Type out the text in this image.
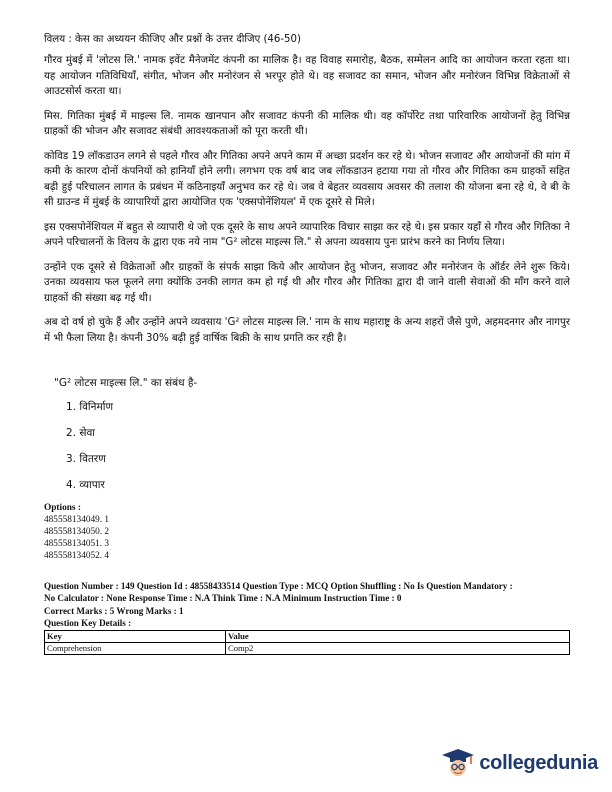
विलय : केस का अध्ययन कीजिए और प्रश्नों के उत्तर दीजिए (46-50)

गौरव मुंबई में 'लोटस लि.' नामक इवेंट मैनेजमेंट कंपनी का मालिक है। वह विवाह समारोह, बैठक, सम्मेलन आदि का आयोजन करता रहता था। यह आयोजन गतिविधियाँ, संगीत, भोजन और मनोरंजन से भरपूर होते थे। वह सजावट का समान, भोजन और मनोरंजन विभिन्न विक्रेताओं से आउटसोर्स करता था।

मिस. गितिका मुंबई में माइल्स लि. नामक खानपान और सजावट कंपनी की मालिक थी। वह कॉर्पोरेट तथा पारिवारिक आयोजनों हेतु विभिन्न ग्राहकों की भोजन और सजावट संबंधी आवश्यकताओं को पूरा करती थी।

कोविड 19 लॉकडाउन लगने से पहले गौरव और गितिका अपने अपने काम में अच्छा प्रदर्शन कर रहे थे। भोजन सजावट और आयोजनों की मांग में कमी के कारण दोनों कंपनियों को हानियाँ होने लगी। लगभग एक वर्ष बाद जब लॉकडाउन हटाया गया तो गौरव और गितिका कम ग्राहकों सहित बढ़ी हुई परिचालन लागत के प्रबंधन में कठिनाइयाँ अनुभव कर रहे थे। जब वे बेहतर व्यवसाय अवसर की तलाश की योजना बना रहे थे, वे बी के सी ग्राउन्ड में मुंबई के व्यापारियों द्वारा आयोजित एक 'एक्सपोनेंशियल' में एक दूसरे से मिले।

इस एक्सपोनेंशियल में बहुत से व्यापारी थे जो एक दूसरे के साथ अपने व्यापारिक विचार साझा कर रहे थे। इस प्रकार यहाँ से गौरव और गितिका ने अपने परिचालनों के विलय के द्वारा एक नये नाम "G² लोटस माइल्स लि." से अपना व्यवसाय पुनः प्रारंभ करने का निर्णय लिया।

उन्होंने एक दूसरे से विक्रेताओं और ग्राहकों के संपर्क साझा किये और आयोजन हेतु भोजन, सजावट और मनोरंजन के ऑर्डर लेने शुरू किये। उनका व्यवसाय फल फूलने लगा क्योंकि उनकी लागत कम हो गई थी और गौरव और गितिका द्वारा दी जाने वाली सेवाओं की माँग करने वाले ग्राहकों की संख्या बढ़ गई थी।

अब दो वर्ष हो चुके हैं और उन्होंने अपने व्यवसाय 'G² लोटस माइल्स लि.' नाम के साथ महाराष्ट्र के अन्य शहरों जैसे पुणे, अहमदनगर और नागपुर में भी फैला लिया है। कंपनी 30% बढ़ी हुई वार्षिक बिक्री के साथ प्रगति कर रही है।

"G² लोटस माइल्स लि." का संबंध है-
1. विनिर्माण
2. सेवा
3. वितरण
4. व्यापार
Options :
485558134049. 1
485558134050. 2
485558134051. 3
485558134052. 4
Question Number : 149 Question Id : 48558433514 Question Type : MCQ Option Shuffling : No Is Question Mandatory :
No Calculator : None Response Time : N.A Think Time : N.A Minimum Instruction Time : 0
Correct Marks : 5 Wrong Marks : 1
Question Key Details :
Key	Value
Comprehension	Comp2
collegedunia
